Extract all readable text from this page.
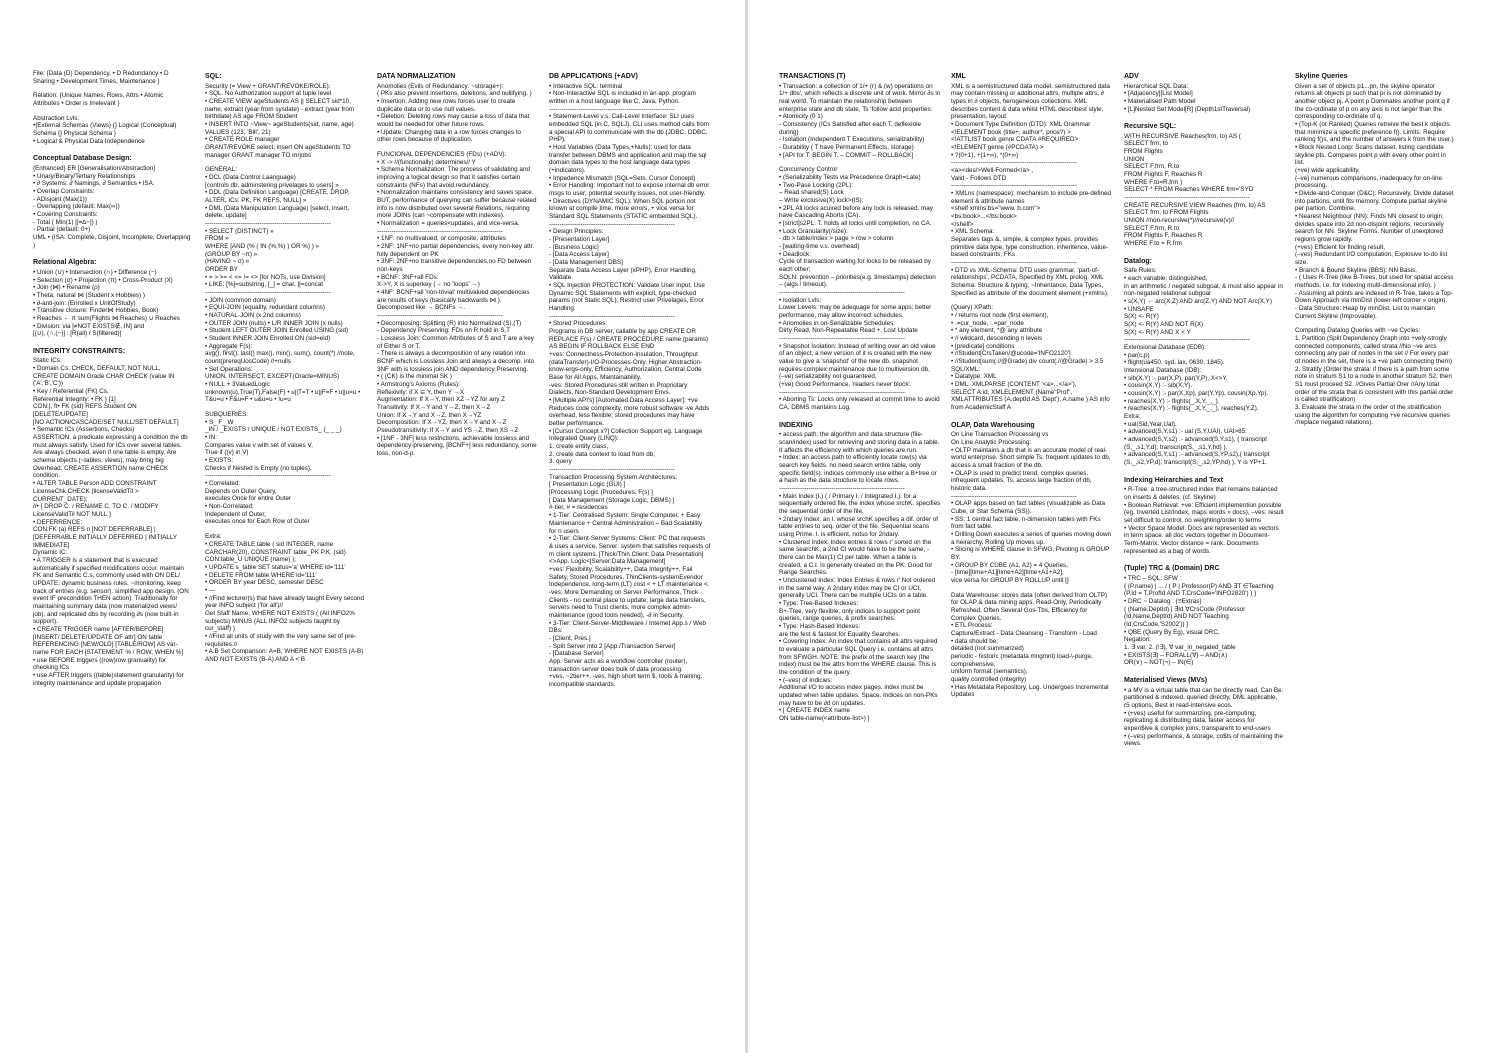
File: {Data (D) Dependency, • D Redundancy • D Sharing • Development Times, Maintenance }
Relation: {Unique Names, Rows, Attrs • Atomic Attributes • Order is Irrelevant }
Abstraction Lvls:
•{External Schemas (Views) {} Logical (Conceptual) Schema {} Physical Schema }
• Logical & Physical Data Independence
Conceptual Database Design:
{Enhanced} ER [Generalisation/Abstraction]
• Unary/Binary/Tertiary Relationships
• ∂ Systems: ∂ Namings, ∂ Semantics • ISA:
• Overlap Constraints:
- ADisjoint (Max(1))
- Overlapping (default: Max(∞))
• Covering Constraints:
- Total ( Min(1) [|=∆−]) )
- Partial (default: 0+)
UML • (ISA: Complete, Disjoint, Incomplete, Overlapping )
Relational Algebra:
• Union (∪) • Intersection (∩) • Difference (−)
• Selection (σ) • Projection (π) • Cross-Product (X)
• Join (⋈) • Rename (ρ)
• Theta, natural ⋈ (Student x Hobbies) )
• ∂-anti-join: (Enrolled x UnitOfStudy)
• Transitive closure: Finder⋈ Hobbies, Book)
• Reaches ← π sum(Flights ⋈ Reaches) ∪ Reaches
• Division: via [≠NOT EXISTS∉, IN] and
[(∪), (∩,(−)] : [R(all) / S(filtered)]
INTEGRITY CONSTRAINTS:
Static ICs:
• Domain Cs: CHECK, DEFAULT, NOT NULL,
CREATE DOMAIN Grade CHAR CHECK (value IN ('A','B','C'))
• Key / Referential (FK) Cs,
Referential Integrity: • FK } [1]
CON:], ft• FK (sid) REFS Student ON [DELETE/UPDATE]
[NO ACTION/CASCADE/SET NULL/SET DEFAULT]
• Semantic ICs (Assertions, Checks)
ASSERTION: a predicate expressing a condition the db must always satisfy. Used for ICs over several tables. Are always checked, even if one table is empty. Are schema objects (~tables, views), may bring big Overhead. CREATE ASSERTION name CHECK condition.
• ALTER TABLE Person ADD CONSTRAINT LicenseChk CHECK (licenseValidTil > CURRENT_DATE);
//• { DROP C. / RENAME C. TO C. / MODIFY LicenseValidTil NOT NULL }
• DEFERRENCE:
CON:FK (a) REFS n [NOT DEFERRABLE] | [DEFERRABLE INITIALLY DEFERRED | INITIALLY IMMEDIATE]
Dynamic IC:
• A TRIGGER is a statement that is executed automatically if specified modifications occur. maintain FK and Semantic C.s, commonly used with ON DEL/ UPDATE, dynamic business rules. ~monitoring, keep track of entries (e.g. sensor). simplified app design. (ON event IF precondition THEN action). Traditionally for maintaining summary data (now materialized views/ job), and replicated dbs by recording ∂s (now built-in support).
• CREATE TRIGGER name [AFTER/BEFORE] [INSERT/ DELETE/UPDATE OF attr] ON table REFERENCING [NEW/OLD] [TABLE/ROW] AS var-name FOR EACH [STATEMENT % / ROW, WHEN %]
• use BEFORE triggers ((row)row granuality) for checking ICs
• use AFTER triggers ((table)statement granularity) for integrity maintenance and update propagation
SQL:
Security (= View + GRANT/REVOKE/ROLE):
• SQL. No Authorization support at tuple level
• CREATE VIEW ageStudents AS || SELECT sid*10, name, extract (year from sysdate) - extract (year from birthdate) AS age FROM Student
• INSERT INTO ~View~ ageStudents(sid, name, age) VALUES (123, 'Bill', 21)
• CREATE ROLE manager
GRANT/REVOKE select, insert ON ageStudents TO manager GRANT manager TO mrjobs
GENERAL:
• DCL (Data Control Laanguage)
[controls db, adminstering privelages to users] »
• DDL (Data Definition Language) [CREATE, DROP, ALTER, ICs: PK, FK REFS, NULL] »
• DML (Data Manipulation Language) [select, insert, delete, update]
------------------------------------------------------------
• SELECT (DISTINCT) »
FROM »
WHERE [AND (% ( IN (%,%) ) OR %) ) »
(GROUP BY ~π) »
(HAVING ~ σ) »
ORDER BY
• = > >= < <= != <> [for NOTs, use Division]
• LIKE: [%]=substring, [_] = char, ||=concat
------------------------------------------------------------
• JOIN (common domain)
• EQUI-JOIN (equality, redundant columns)
• NATURAL-JOIN (x 2nd columns)
• OUTER JOIN (nulls) • L/R INNER JOIN (x nulls)
• Student LEFT OUTER JOIN Enrolled USING (sid)
• Student INNER JOIN Enrolled ON (sid=eid)
• Aggregate F(s):
avg(), first(), last() max(), min(), sum(), count(*) //note, count(prereqUosCode) //+nulls
• Set Operations:
UNION, INTERSECT, EXCEPT(Oracle=MINUS)
• NULL + 3ValuedLogic
unknown(u),True(T),False(F) • u||T=T • u||F=F • u||u=u • T&u=u • F&u=F • u&u=u • !u=u
SUBQUERIES:
• S_ F_ W
_IN / _EXISTS / UNIQUE / NOT EXISTS_ (_ _ _)
• IN:
Compares value v with set of values V,
True if ((v) in V)
• EXISTS:
Checks if Nested is Empty (no tuples).
------------------------------------------------------------
• Correlated:
Depends on Outer Query,
executes Once for entire Outer
• Non-Correlated:
Independent of Outer,
executes once for Each Row of Outer
Extra:
• CREATE TABLE table ( sid INTEGER, name CARCHAR(20), CONSTRAINT table_PK P.K. (sid) CON:table_U UNIQUE (name) );
• UPDATE s_table SET status='a' WHERE id='111'
• DELETE FROM table WHERE id='111'
• ORDER BY year DESC, semester DESC
• ---
• //Find lecturer(s) that have already taught Every second year INFO subject ('for all')//
Get Staff Name, WHERE NOT EXISTS ( (All INFO2% subjects) MINUS (ALL INFO2 subjects taught by cur_staff) )
• //Find all units of study with the very same set of pre-requisites.//
• A.B Set Comparison: A=B, WHERE NOT EXISTS (A-B) AND NOT EXISTS (B-A) AND A < B
DATA NORMALIZATION
Anomolies (Evils of Redundancy: ~storage+):
( PKs also prevent insertions, deletions, and nullifying. )
• Insertion: Adding new rows forces user to create duplicate data or to use null values.
• Deletion: Deleting rows may cause a loss of data that would be needed for other future rows.
• Update: Changing data in a row forces changes to other rows because of duplication.
FUNCIONAL DEPENDENCIES (FDs) (+ADV):
• X -> //(functionally) determines// Y
• Schema Normalization: The process of validating and improving a logical design so that it satisfies certain constraints (NFs) that avoid redundancy.
• Normalization maintains consistency and saves space. BUT, performance of querying can suffer because related info is now distributed over several Relations, requiring more JOINs (can ~compensate with indexes).
• Normalization = queries<updates, and vice-versa.
------------------------------------------------------------
• 1NF: no multivalued, or composite, attributes
• 2NF: 1NF+no partial dependencies, every non-key attr. fully dependent on PK
• 3NF: 2NF+no transitive dependencies,no FD between non-keys
• BCNF: 3NF+all FDs:
X->Y, X is superkey (→ no 'loops' →)
• 4NF: BCNF+all 'non-trivial' multivalued dependencies are results of keys (basically backwards ⋈ ). Decomposed like → BCNFs →.
------------------------------------------------------------
• Decomposing: Splitting (R) into Normalized (S),(T)
- Dependency Preserving: FDs on R hold in S,T
- Lossless Join: Common Attributes of S and T are a key of Either S or T.
- There is always a decomposition of any relation into BCNF which is Lossless Join and always a decomp. into 3NF with is lossless join AND dependency Preserving.
• ( (CK) is the minimal SK )
• Armstrong's Axioms (Rules):
Reflexivity: if X ⊆ Y, then Y →X
Augmentation: If X→Y, then XZ→YZ for any Z
Transitivity: If X→Y and Y→Z, then X→Z
Union: If X→Y and X→Z, then X→YZ
Decomposition: If X→YZ, then X→Y and X→Z
Pseudotransitivity: If X→Y and YS→Z, then XS→Z
• [1NF - 3NF] less restrictions, achievable lossless and dependency-preserving, [BCNF+] less redundancy, some loss, non-d-p.
DB APPLICATIONS (+ADV)
• Interactive SQL: terminal
• Non-Interactive SQL is included in an app. program written in a host language like C, Java, Python.
------------------------------------------------------------
• Statement-Level v.s. Call-Level Interface: SLI uses embedded SQL (in C, SQLJ), CLI uses method calls from a special API to communicate with the db (JDBC, ODBC, PHP).
• Host Variables (Data Types,+Nulls): used for data transfer between DBMS and application and map the sql domain data types to the host language data types (+indicators).
• Impedence Mismatch (SQL=Sets, Cursor Concept)
• Error Handling: Important not to expose internal db error msgs to user; potential security issues, not user-friendly.
• Directives (DYNAMIC SQL): When SQL portion not known at compile time, more errors, + vice versa for Standard SQL Statements (STATIC embedded SQL).
------------------------------------------------------------
• Design Principles:
- [Presentation Layer]
- [Business Logic]
- [Data Access Layer]
- [Data Management DBS]
Separate Data Access Layer (xPHP), Error Handling, Validate.
• SQL Injection PROTECTION: Validate User Input, Use Dynamic SQL Statements with explicit, type-checked params (not Static SQL), Restrict user Privelages, Error Handling.
------------------------------------------------------------
• Stored Procedures:
Programs in DB server, callable by app CREATE OR REPLACE F(s) / CREATE PROCEDURE name (params) AS BEGIN IF ROLLBACK ELSE END
+ves: Connectness-Protection-Insulation, Throughput (dataTransfer)-I/O-Processes-Only, Higher Abstraction-know-ergs-only, Efficiency, Authorization, Central Code Base for All Apps, Maintainability.
-ves: Stored Procedures still written in Propriotary Dialects, Non-Standard Development Envs.
• [Multiple API's] [Automated Data Access Layer]: +ve Reduces code complexity, more robust software -ve Adds overhead, less flexible; stored procedures may have better performance.
• [Cursor Concept x?] Collection Support eg. Language Integrated Query (LINQ):
1. create entity class,
2. create data context to load from db,
3. query
------------------------------------------------------------
Transaction Processing System Architectures:
[ Presentation Logic (GUI) ]
[Processing Logic (Procedures, F(s) ]
[ Data Management (Storage Logic, DBMS) ]
#-tier, # = residences
• 1-Tier: Centralised System: Single Computer, + Easy Maintenance + Central Administration – Bad Scalability for n users
• 2-Tier: Client-Server Systems: Client: PC that requests & uses a service, Server: system that satisfies requests of m client systems. [Thick/Thin Client: Data Presentation]<>App. Logic<[Server:Data Management]
+ves: Flexibility, Scalability++, Data Integrity++, Fail Safety, Stored Procedures, ThinClients-systemEvendor Independence, long-term (LT) cost < + LT maintenance <.
-ves: More Demanding on Server Performance, Thick Clients - no central place to update, large data transfers, servers need to Trust clients, more complex admin-maintenance (good tools needed), -∂ in Security.
• 3-Tier: Client-Server-Middleware / Internet App.s / Web DBs:
- [Client, Pres.]
- Split Server into 2 [App./Transaction Server]
- [Database Server]
App. Server acts as a workflow controller (router), transaction server does bulk of data processing.
+ves, ~2tier++, -ves, high short term $, tools & training, incompatible standards.
TRANSACTIONS (T)
• Transaction: a collection of 1/+ (r) & (w) operations on 1/+ dbs', which reflects a discrete unit of work. Mirror ∂s in real world. To maintain the relationship between enterprise state and db state, Ts 'follow acid properties:
• Atomicity (0 1)
- Consistency (ICs Satisfied after each T, deflexiole during)
- Isolation (Independent T Executions, serializability)
- Durability ( T have Permanent Effects, storage)
• [API for T: BEGIN T. – COMMIT – ROLLBACK]
Concurrency Control
• (Serializability Tests via Precedence Graph=Late)
• Two-Pase Locking (2PL):
– Read shared(S) Lock
– Write exclusive(X) lock>(IS):
• 2PL All locks acuired before any lock is released, may have Cascading Aborts (CA).
• [strict]s2PL: T. holds all locks until completion, no CA.
• Lock Granularity(/size):
- db > table/index > page > row > column
- [waiting-time v.s. overhead]
• Deadlock:
Cycle of transaction waiting for locks to be released by each other;
SOLN: prevention – priorities(e.g. timestamps) detection – (algs / timeout).
------------------------------------------------------------
• Isolation Lvls:
Lower Levels: may be adequage for some apps; better performance, may allow incorrect schedules.
• Anomolies in on-Serializable Schedules:
Dirty Read, Non-Repeatable Read +, Lost Update
------------------------------------------------------------
• Snapshot Isolation: Instead of writing over an old value of an object, a new version of it is created with the new value to give a 'snapshot' of the new db. snapshot requires complex maintenance due to multiversion db,
(–ve) serializability not guaranteed,
(+ve) Good Performance, 'readers never block'.
------------------------------------------------------------
• Aborting Ts: Locks only released at commit time to avoid CA, DBMS mantains Log.
INDEXING
• access path: the algorithm and data structure (file-scan/index) used for retrieving and storing data in a table. It affects the efficiency with which queries are run.
• Index: an access path to efficiently locate row(s) via search key fields. no need search entire table, only specific field(s). indices commonly use either a B+tree or a hash as the data structure to locate rows.
------------------------------------------------------------
• Main Index (I.) ( / Primary I. / Integrated I.): for a sequentially ordered file, the index whose srchK. specifies the sequential order of the file.
• 2ndary Index: an I. whose srchK specifies a dif. order of table entries to seq. order of the file. Sequential scans using Prime. I. is efficient, notso for 2ndary.
• Clustered Index: Index entries & rows r' sorted on the same searchK, a 2nd CI would have to be the same, - there can be Max(1) CI per table. When a table is created, a C.I. is generally created on the PK. Good for Range Searches.
• Unclustered Index: Index Entries & rows r' Not ordered in the same way. A 2ndary index may be CI or UCI, generally UCI. There can be multiple UCIs on a table.
• Type: Tree-Based Indexes:
B+-Tree, very flexible, only indices to support point queries, range queries, & prefix searches.
• Type: Hash-Based Indexes:
are the fest & fastest for Equality Searches.
• Covering Index: An index that contains all attrs required to evaluate a particular SQL Query i.e. contains all attrs from SFWGH. NOTE: the prefix of the search key (the index) must be the attrs from the WHERE clause. This is the condition of the query.
• (–ves) of Indicies:
Additional I/O to access index pages. index must be updated when table updates. Space. Indices on non-PKs may have to be ∂d on updates.
• [ CREATE INDEX name
ON table-name(<attribute-list>) ]
XML
XML is a semistructured data model. semistructured data may contain missing or additional attrs, multiple attrs, ∂ types in ∂ objects, herogeneous collections. XML describes content & data whilst HTML describest style, presentation, layout.
• Document Type Definition (DTD): XML Grammar
<!ELEMENT book (title+, author*, price?) >
<!ATTLIST book genre CDATA #REQUIRED>
<!ELEMENT genre (#PCDATA) >
• ?(0+1), +(1+∞), *(0+∞)
------------------------------------------------------------
<a><des/>Well-Formed</a> ,
Valid - Follows DTD
------------------------------------------------------------
• XMLns (namespace): mechanism to include pre-defined element & attribute names
<shelf xmlns:bs="www. b.com">
<bs:book>...</bs:book>
</shelf>
• XML Schema:
Separates tags &, simple, & complex types. provides primitive data type, type construction, inheritence, value-based constraints, FKs
------------------------------------------------------------
• DTD vs XML-Schema: DTD uses grammar, 'part-of-relationships', PCDATA, Specified by XML prolog. XML Schema: Structure & typing, ~Inheritance, Data Types, Specified as attribute of the document element (+xmlns).
(Query) XPath:
• / returns root node (first element),
• .=cur_node, ..=par_node
• * any element, *@ any attribute
• // wildcard, descending n levels
• [predicate] conditions
• //Student[CrsTaken/@ucode='INFO2120']
• //Student[sum(.//@Grade) div count(.//@Grade) > 3.5
SQL/XML:
• Datatype: XML
• DML: XMLPARSE (CONTENT '<a>...</a>'),
SELECT A.id, XMLELEMENT (Name"Prof", XMLATTRIBUTES (A.deptId AS 'Dept'), A.name ) AS info from AcademicStaff A
OLAP, Data Warehousing
On Line Transaction Processing vs
On Line Analytic Processing:
• OLTP maintains a db that is an accurate model of real-world enterprise. Short simple Ts. frequent updates to db, access a small fraction of the db.
• OLAP is used to predict trend, complex queries, infrequent updates, Ts. access large fraction of db, historic data.
------------------------------------------------------------
• OLAP apps based on fact tables (visualizable as Data Cube, or Star Schema (SS)).
• SS: 1 central fact table, n-dimension tables with FKs from fact table.
• Drilling Down executes a series of queries moving down a heirarchy, Rolling Up moves up.
• Slicing is WHERE clause in SFWG, Pivoting is GROUP BY.
• GROUP BY CUBE (A1, A2) = 4 Queries,
- [time][time+A1][time+A2][time+A1+A2],
vice versa for GROUP BY ROLLUP until []
Data Warehouse: stores data (often derived from OLTP) for OLAP & data mining apps. Read-Only, Periodically Refreshed, Often Several Gos-Tbs, Efficiency for Complex Queries.
• ETL Process:
Capture/Extract - Data Cleansing - Transform - Load
• data should be;
detailed (not summarized)
periodic - historic (metadata mngmnt) load-\-purge,
comprehensive,
uniform format (semantics),
quality controlled (integrity)
• Has Metadata Repository, Log. Undergoes Incremental Updates
ADV
Hierarchical SQL Data:
• [Adjacency][List Model]
• Materialised Path Model
• [L]Nested Set Model[R] (Depth1stTraversal)
Recursive SQL:
WITH RECURSIVE Reaches(frm, to) AS (
SELECT frm, to
FROM Flights
UNION
SELECT F.frm, R.to
FROM Flights F, Reaches R
WHERE F.to=R.frm )
SELECT * FROM Reaches WHERE frm='SYD'
------------------------------------------------------------
CREATE RECURSIVE VIEW Reaches (frm, to) AS
SELECT frm, to FROM Flights
UNION //non-recursive(*)//recursive(v)//
SELECT F.frm, R.to
FROM Flights F, Reaches R
WHERE F.to = R.frm
Datalog:
Safe Rules:
• each variable; distinguished,
in an arithmetic / negated subgoal, & must also appear in non-negated relational subgoal
• s(X,Y) ← arc(X,Z) AND arc(Z,Y) AND NOT Arc(X,Y)
• UNSAFE
S(X) <- R(Y)
S(X) <- R(Y) AND NOT R(X)
S(X) <- R(Y) AND X < Y
------------------------------------------------------------
Extensional Database (EDB):
• par(c,p)
• flight(ua450, syd, lax, 0630, 1845).
Intensional Database (IDB):
• sib(X,Y) :- par(X,P), par(Y,P), X<>Y.
• cousin(X,Y) :- sib(X,Y).
• cousin(X,Y) :- par(X,Xp), par(Y,Yp), cousin(Xp,Yp).
• reaches(X,Y) :- flights(_,X,Y,_,_).
• reaches(X,Y) :- flights(_,X,Y,_,_), reaches(Y,Z).
Extra:
• ual(Sid,Year,Ual).
• advanced(S,Y,s1) :- ual (S,Y,UAI), UAI>85.
• advanced(S,Y,s2) :- advanced(S,Y,s1), ( transcript (S,_,s1,Y,d); transcript(S,_,s1,Y,hd) ).
• advanced(S,Y,s1) :- advanced(S,YP,s2),( transcript (S,_,s2,YP,d); transcript(S,_,s2,YP,hd) ), Y is YP+1.
Indexing Heirarchies and Text
• R-Tree: a tree-structured index that remains balanced on inserts & deletes. (cf. Skyline)
• Boolean Retrieval: +ve: Efficient implemention possible (eg. Inverted List/Index, maps words » docs), –ves: result set difficult to control, no weighting/order to terms
• Vector Space Model: Docs are represented as vectors in term space. all doc vectors together in Document-Term-Matrix. Vector distance = rank. Documents represented as a bag of words.
(Tuple) TRC & (Domain) DRC
• TRC – SQL: SFW :
{ (P.name) | ... / ( P | Professor(P) AND ∃T ∈Teaching (P.Id = T.ProfId AND T.CrsCode='INFO2820') ) }
• DRC ~ Datalog : {≡Extras} :
{ (Name,DeptId) | ∃Id ∀CrsCode (Professor (Id,Name,DeptId) AND NOT Teaching (Id,CrsCode,'S2002')) }
• QBE (Query By Eg), visual DRC,
Negation:
1. ∃ var, 2. (!∃), ∀ var_in_negated_table
• EXISTS(∃) – FORALL(∀) – AND(∧)
OR(∨) – NOT(¬) – IN(∈)
Materialised Views (MVs)
• a MV is a virtual table that can be directly read. Can Be: partitioned & indexed, queried directly, DML applicable, r5 options, Best in read-intensive ecos.
• (+ves) useful for summarizing, pre-computing, replicating & distributing data, faster access for expen$ive & complex joins, transparent to end-users
• (–ves) performance, & storage, co$ts of maintaining the views.
Skyline Queries
Given a set of objects p1...pn, the skyline operator returns all objects pi such that pi is not dominated by another object pj. A point p Dominates another point q if the co-ordinate of p on any axis is not larger than the corresponding co-ordinate of q.
• (Top-K (or Ranked) Queries retreive the best k objects that minimize a specific preference f(). Limits: Require ranking f()s, and the number of answers k from the user.)
• Block Nested Loop: Scans dataset, listing candidate skyline pts. Compares point p with every other point in list.
(+ve) wide applicability,
(–ve) numerous comparisons, inadequacy for on-line processing.
• Divide-and-Conquer (D&C): Recursively, Divide dataset into partions, until fits memory. Compute partial skyline per partion. Combine.
• Nearest Neighbour (NN): Finds NN closest to origin, divides space into 2d non-disjoint regions, recursively search for NN. Skyline Forms. Number of unexplored regions grow rapidly.
(+ves) Efficient for finding result,
(–ves) Redundant I/O computation, Explosive to-do list size.
• Branch & Bound Skyline (BBS): NN Basis.
- ( Uses R-Tree (like B-Trees, but used for spatial access methods, i.e. for indexing multi-dimensional info). )
- Assuming all points are indexed in R-Tree, takes a Top-Down Approach via minDist (lower-left corner » origin).
- Data Structure: Heap by minDist, List to maintain Current Skyline (Improvable).
Computing Datalog Queries with ~ve Cycles:
1. Partition (Split Dependency Graph into +vely-strogly connected components; called strata //No ~ve arcs connecting any pair of nodes in the set // For every pair of nodes in the set, there is a +ve path connecting them)
2. Stratify (Order the strata: if there is a path from some note in stratum S1 to a node in another stratum S2, then S1 must proceed S2. //Gives Partial Orer //Any total order of the strata that is consistent with this partial order is called stratification)
3. Evaluate the strata in the order of the stratification using the algorithm for computing +ve recursive queries //replace negated relations).
